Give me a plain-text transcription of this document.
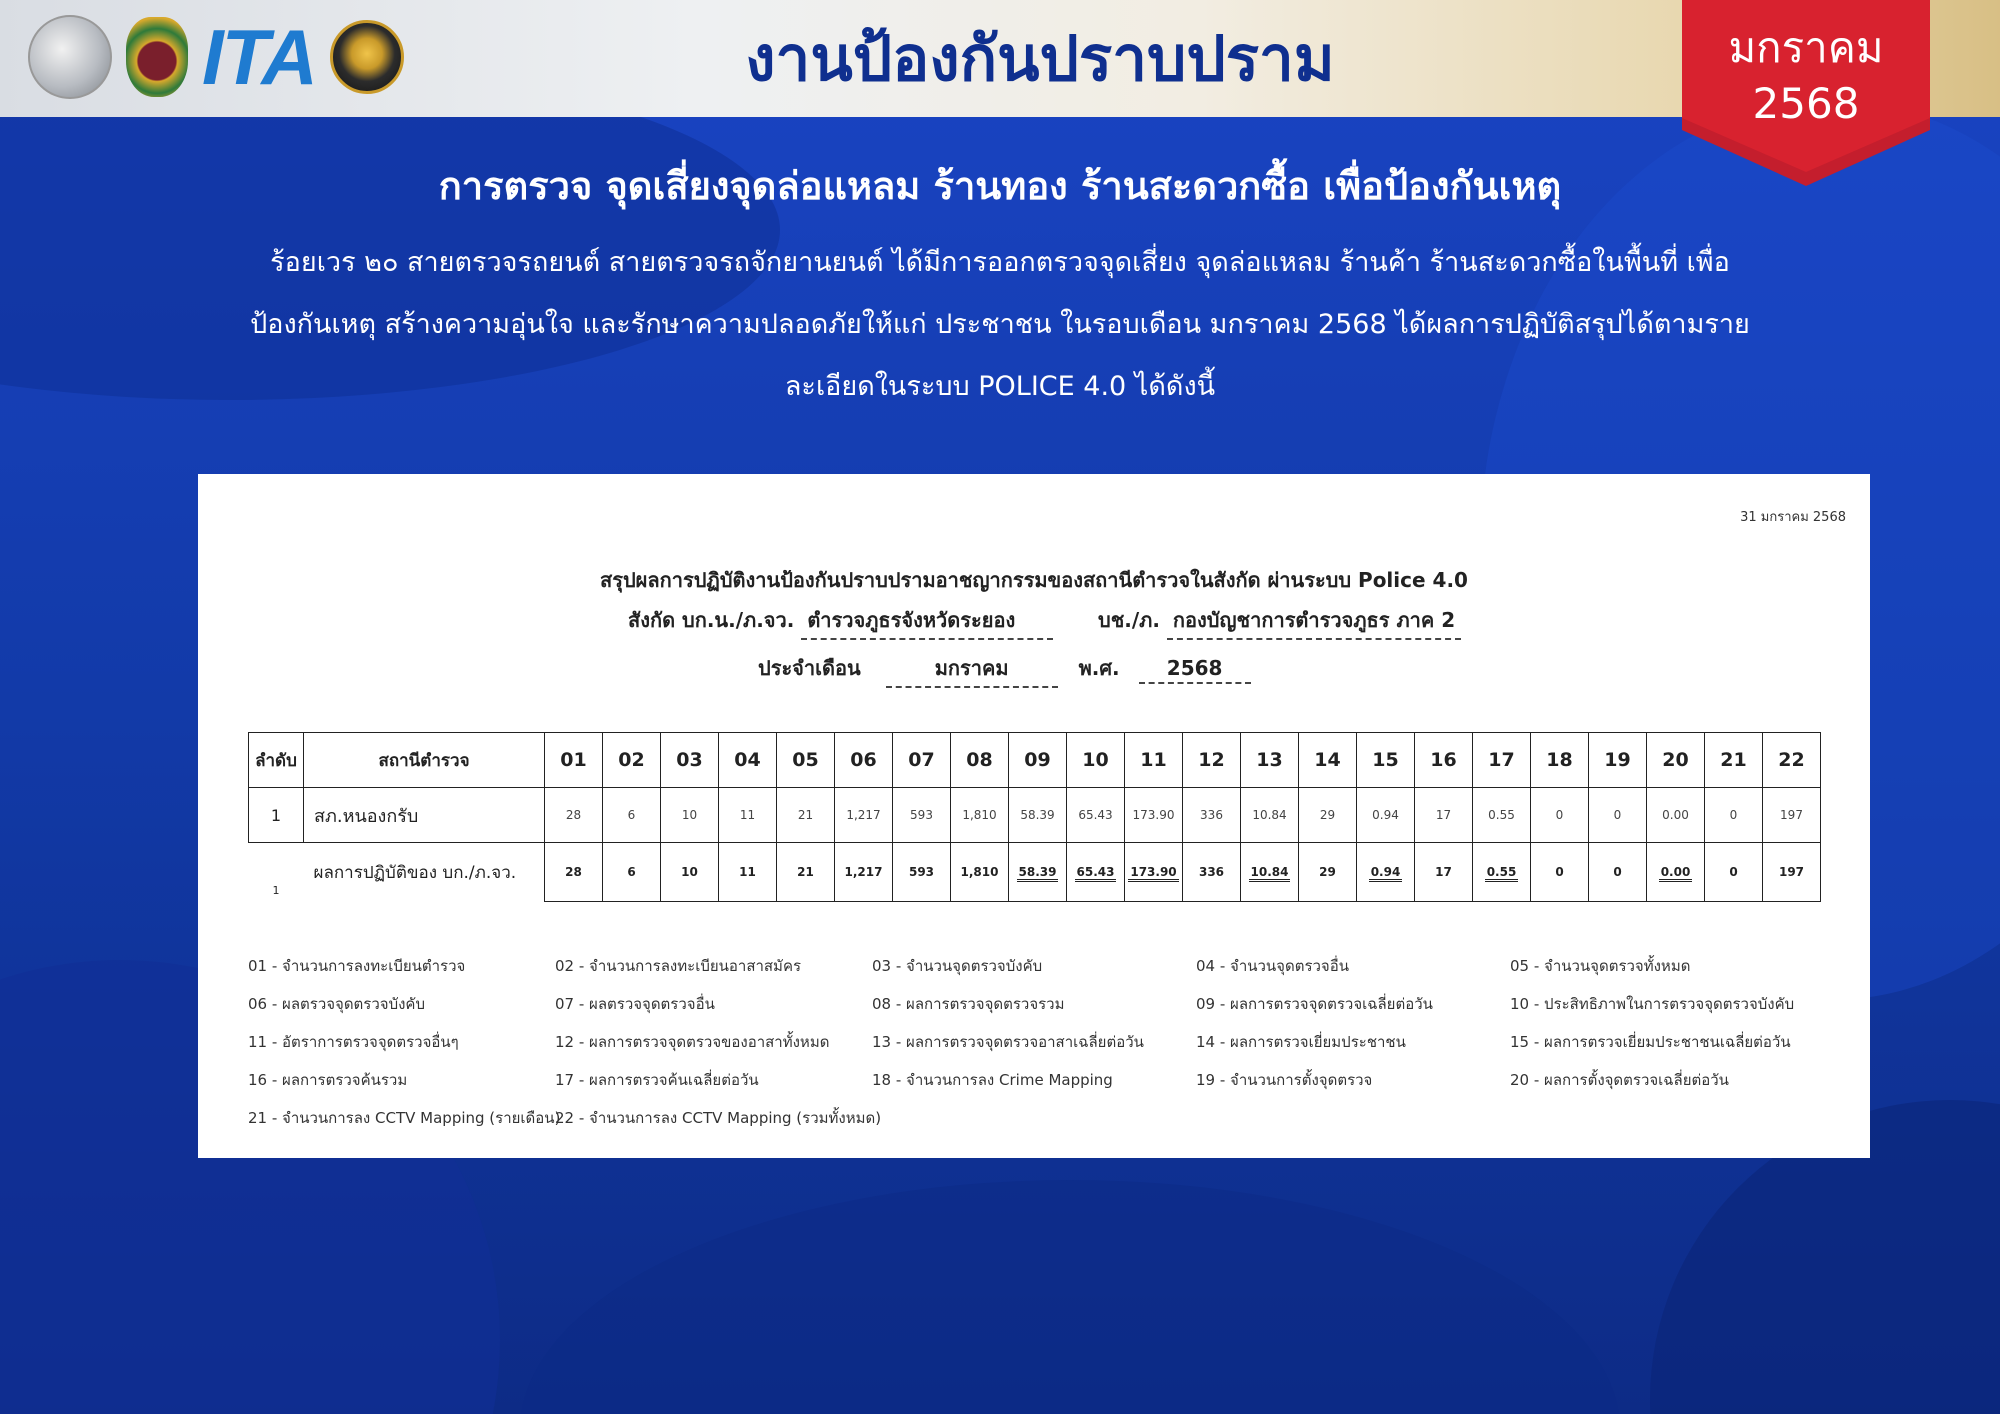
ITA	งานป้องกันปราบปราม	มกราคม
2568
การตรวจ จุดเสี่ยงจุดล่อแหลม ร้านทอง ร้านสะดวกซื้อ เพื่อป้องกันเหตุ
ร้อยเวร ๒๐ สายตรวจรถยนต์ สายตรวจรถจักยานยนต์ ได้มีการออกตรวจจุดเสี่ยง จุดล่อแหลม ร้านค้า ร้านสะดวกซื้อในพื้นที่ เพื่อ
ป้องกันเหตุ สร้างความอุ่นใจ และรักษาความปลอดภัยให้แก่ ประชาชน ในรอบเดือน มกราคม 2568 ได้ผลการปฏิบัติสรุปได้ตามราย
ละเอียดในระบบ POLICE 4.0 ได้ดังนี้
31 มกราคม 2568
สรุปผลการปฏิบัติงานป้องกันปราบปรามอาชญากรรมของสถานีตำรวจในสังกัด ผ่านระบบ Police 4.0
สังกัด บก.น./ภ.จว. ตำรวจภูธรจังหวัดระยอง	บช./ภ. กองบัญชาการตำรวจภูธร ภาค 2
ประจำเดือน	มกราคม	พ.ศ. 2568
ลำดับ	สถานีตำรวจ	01	02	03	04	05	06	07	08	09	10	11	12	13	14	15	16	17	18	19	20	21	22
1	สภ.หนองกรับ	28	6	10	11	21	1,217	593	1,810	58.39	65.43	173.90	336	10.84	29	0.94	17	0.55	0	0	0.00	0	197
1	ผลการปฏิบัติของ บก./ภ.จว.	28	6	10	11	21	1,217	593	1,810	58.39	65.43	173.90	336	10.84	29	0.94	17	0.55	0	0	0.00	0	197
01 - จำนวนการลงทะเบียนตำรวจ	02 - จำนวนการลงทะเบียนอาสาสมัคร	03 - จำนวนจุดตรวจบังคับ	04 - จำนวนจุดตรวจอื่น	05 - จำนวนจุดตรวจทั้งหมด
06 - ผลตรวจจุดตรวจบังคับ	07 - ผลตรวจจุดตรวจอื่น	08 - ผลการตรวจจุดตรวจรวม	09 - ผลการตรวจจุดตรวจเฉลี่ยต่อวัน	10 - ประสิทธิภาพในการตรวจจุดตรวจบังคับ
11 - อัตราการตรวจจุดตรวจอื่นๆ	12 - ผลการตรวจจุดตรวจของอาสาทั้งหมด	13 - ผลการตรวจจุดตรวจอาสาเฉลี่ยต่อวัน	14 - ผลการตรวจเยี่ยมประชาชน	15 - ผลการตรวจเยี่ยมประชาชนเฉลี่ยต่อวัน
16 - ผลการตรวจค้นรวม	17 - ผลการตรวจค้นเฉลี่ยต่อวัน	18 - จำนวนการลง Crime Mapping	19 - จำนวนการตั้งจุดตรวจ	20 - ผลการตั้งจุดตรวจเฉลี่ยต่อวัน
21 - จำนวนการลง CCTV Mapping (รายเดือน)
22 - จำนวนการลง CCTV Mapping (รวมทั้งหมด)
